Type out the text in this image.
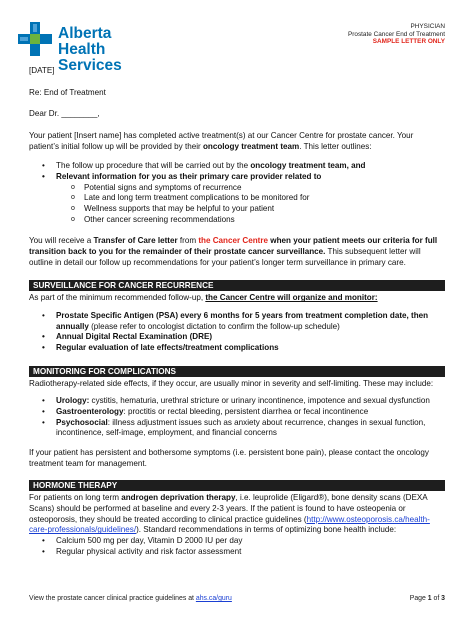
Alberta Health
Services
PHYSICIAN
Prostate Cancer End of Treatment
SAMPLE LETTER ONLY

[DATE]

Re: End of Treatment

Dear Dr. ________,

Your patient [Insert name] has completed active treatment(s) at our Cancer Centre for prostate cancer. Your patient’s initial follow up will be provided by their oncology treatment team. This letter outlines:

• The follow up procedure that will be carried out by the oncology treatment team, and
• Relevant information for you as their primary care provider related to
o Potential signs and symptoms of recurrence
o Late and long term treatment complications to be monitored for
o Wellness supports that may be helpful to your patient
o Other cancer screening recommendations

You will receive a Transfer of Care letter from the Cancer Centre when your patient meets our criteria for full transition back to you for the remainder of their prostate cancer surveillance. This subsequent letter will outline in detail our follow up recommendations for your patient’s longer term surveillance in primary care.

SURVEILLANCE FOR CANCER RECURRENCE

As part of the minimum recommended follow-up, the Cancer Centre will organize and monitor:

• Prostate Specific Antigen (PSA) every 6 months for 5 years from treatment completion date, then annually (please refer to oncologist dictation to confirm the follow-up schedule)
• Annual Digital Rectal Examination (DRE)
• Regular evaluation of late effects/treatment complications
MONITORING FOR COMPLICATIONS

Radiotherapy-related side effects, if they occur, are usually minor in severity and self-limiting. These may include:

• Urology: cystitis, hematuria, urethral stricture or urinary incontinence, impotence and sexual dysfunction
• Gastroenterology: proctitis or rectal bleeding, persistent diarrhea or fecal incontinence
• Psychosocial: illness adjustment issues such as anxiety about recurrence, changes in sexual function, incontinence, self-image, employment, and financial concerns

If your patient has persistent and bothersome symptoms (i.e. persistent bone pain), please contact the oncology treatment team for management.

HORMONE THERAPY

For patients on long term androgen deprivation therapy, i.e. leuprolide (Eligard®), bone density scans (DEXA Scans) should be performed at baseline and every 2-3 years. If the patient is found to have osteopenia or osteoporosis, they should be treated according to clinical practice guidelines (http://www.osteoporosis.ca/health-care-professionals/guidelines/). Standard recommendations in terms of optimizing bone health include:

• Calcium 500 mg per day, Vitamin D 2000 IU per day
• Regular physical activity and risk factor assessment
View the prostate cancer clinical practice guidelines at ahs.ca/guru	Page 1 of 3
